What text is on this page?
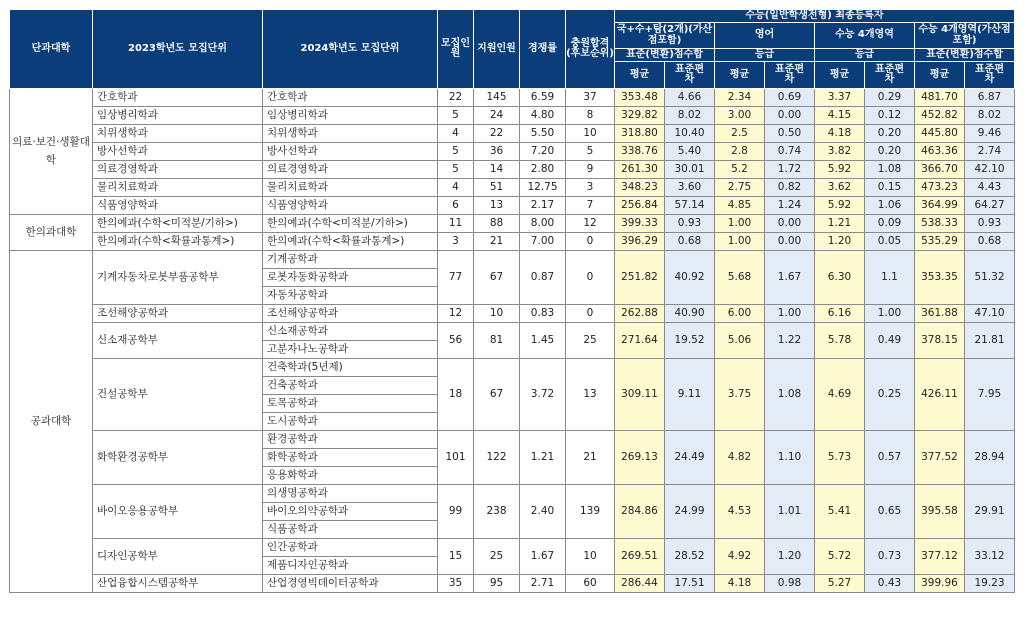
단과대학	2023학년도 모집단위	2024학년도 모집단위	모집인원	지원인원	경쟁률	충원합격(후보순위)	수능(일반학생전형) 최종등록자							
							국+수+탐(2개)(가산점포함)		영어		수능 4개영역		수능 4개영역(가산점포함)	
							표준(변환)점수합		등급		등급		표준(변환)점수합	
							평균	표준편차	평균	표준편차	평균	표준편차	평균	표준편차
의료·보건·생활대학	간호학과	간호학과	22	145	6.59	37	353.48	4.66	2.34	0.69	3.37	0.29	481.70	6.87
	임상병리학과	임상병리학과	5	24	4.80	8	329.82	8.02	3.00	0.00	4.15	0.12	452.82	8.02
	치위생학과	치위생학과	4	22	5.50	10	318.80	10.40	2.5	0.50	4.18	0.20	445.80	9.46
	방사선학과	방사선학과	5	36	7.20	5	338.76	5.40	2.8	0.74	3.82	0.20	463.36	2.74
	의료경영학과	의료경영학과	5	14	2.80	9	261.30	30.01	5.2	1.72	5.92	1.08	366.70	42.10
	물리치료학과	물리치료학과	4	51	12.75	3	348.23	3.60	2.75	0.82	3.62	0.15	473.23	4.43
	식품영양학과	식품영양학과	6	13	2.17	7	256.84	57.14	4.85	1.24	5.92	1.06	364.99	64.27
한의과대학	한의예과(수학<미적분/기하>)	한의예과(수학<미적분/기하>)	11	88	8.00	12	399.33	0.93	1.00	0.00	1.21	0.09	538.33	0.93
	한의예과(수학<확률과통계>)	한의예과(수학<확률과통계>)	3	21	7.00	0	396.29	0.68	1.00	0.00	1.20	0.05	535.29	0.68
공과대학	기계자동차로봇부품공학부	기계공학과	77	67	0.87	0	251.82	40.92	5.68	1.67	6.30	1.1	353.35	51.32
		로봇자동화공학과												
		자동차공학과												
	조선해양공학과	조선해양공학과	12	10	0.83	0	262.88	40.90	6.00	1.00	6.16	1.00	361.88	47.10
	신소재공학부	신소재공학과	56	81	1.45	25	271.64	19.52	5.06	1.22	5.78	0.49	378.15	21.81
		고분자나노공학과												
	건설공학부	건축학과(5년제)	18	67	3.72	13	309.11	9.11	3.75	1.08	4.69	0.25	426.11	7.95
		건축공학과												
		토목공학과												
		도시공학과												
	화학환경공학부	환경공학과	101	122	1.21	21	269.13	24.49	4.82	1.10	5.73	0.57	377.52	28.94
		화학공학과												
		응용화학과												
	바이오응용공학부	의생명공학과	99	238	2.40	139	284.86	24.99	4.53	1.01	5.41	0.65	395.58	29.91
		바이오의약공학과												
		식품공학과												
	디자인공학부	인간공학과	15	25	1.67	10	269.51	28.52	4.92	1.20	5.72	0.73	377.12	33.12
		제품디자인공학과												
	산업융합시스템공학부	산업경영빅데이터공학과	35	95	2.71	60	286.44	17.51	4.18	0.98	5.27	0.43	399.96	19.23
